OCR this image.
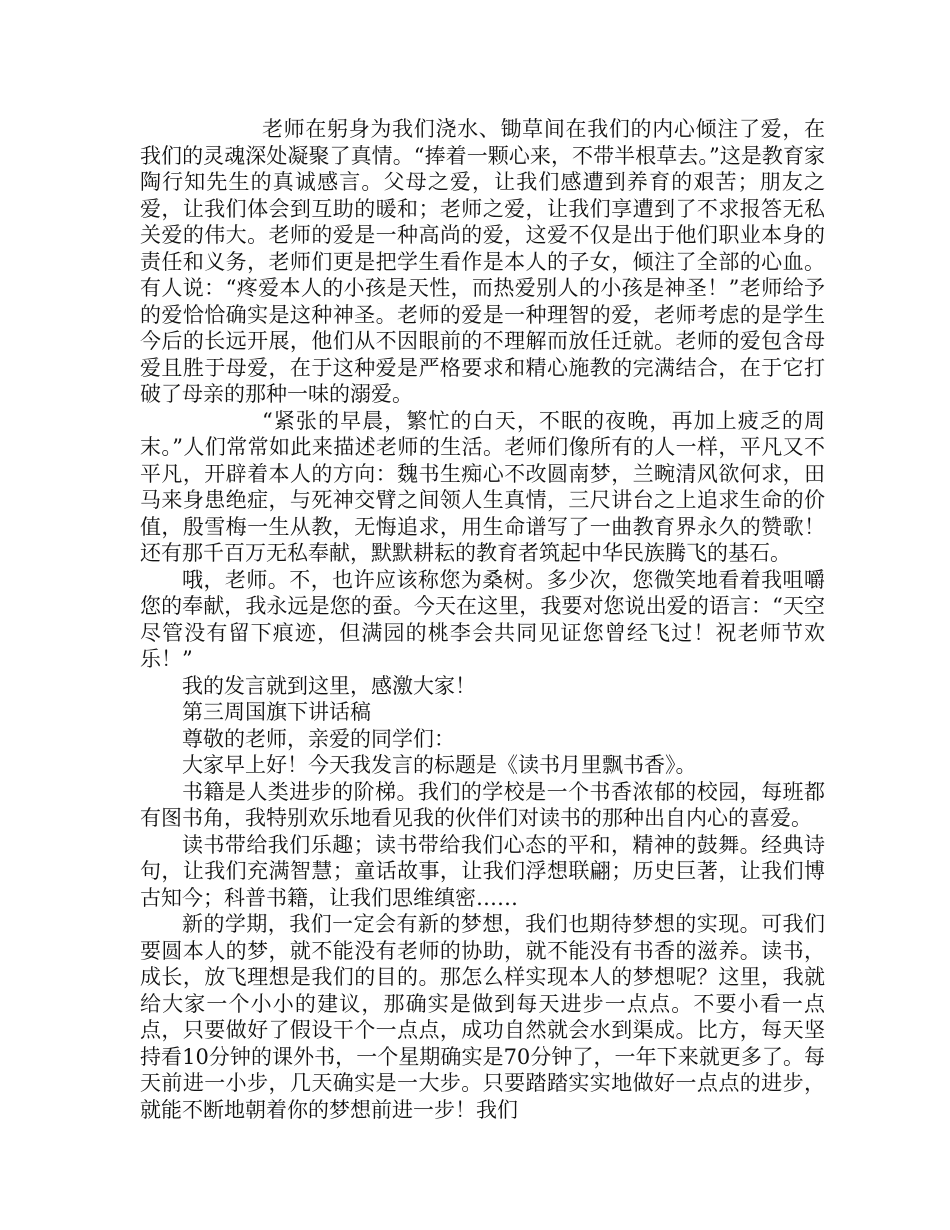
老师在躬身为我们浇水、锄草间在我们的内心倾注了爱，在我们的灵魂深处凝聚了真情。“捧着一颗心来，不带半根草去。”这是教育家陶行知先生的真诚感言。父母之爱，让我们感遭到养育的艰苦；朋友之爱，让我们体会到互助的暖和；老师之爱，让我们享遭到了不求报答无私关爱的伟大。老师的爱是一种高尚的爱，这爱不仅是出于他们职业本身的责任和义务，老师们更是把学生看作是本人的子女，倾注了全部的心血。有人说：“疼爱本人的小孩是天性，而热爱别人的小孩是神圣！”老师给予的爱恰恰确实是这种神圣。老师的爱是一种理智的爱，老师考虑的是学生今后的长远开展，他们从不因眼前的不理解而放任迁就。老师的爱包含母爱且胜于母爱，在于这种爱是严格要求和精心施教的完满结合，在于它打破了母亲的那种一味的溺爱。

“紧张的早晨，繁忙的白天，不眠的夜晚，再加上疲乏的周末。”人们常常如此来描述老师的生活。老师们像所有的人一样，平凡又不平凡，开辟着本人的方向：魏书生痴心不改圆南梦，兰畹清风欲何求，田马来身患绝症，与死神交臂之间领人生真情，三尺讲台之上追求生命的价值，殷雪梅一生从教，无悔追求，用生命谱写了一曲教育界永久的赞歌！还有那千百万无私奉献，默默耕耘的教育者筑起中华民族腾飞的基石。

哦，老师。不，也许应该称您为桑树。多少次，您微笑地看着我咀嚼您的奉献，我永远是您的蚕。今天在这里，我要对您说出爱的语言：“天空尽管没有留下痕迹，但满园的桃李会共同见证您曾经飞过！祝老师节欢乐！”

我的发言就到这里，感激大家！

第三周国旗下讲话稿

尊敬的老师，亲爱的同学们：

大家早上好！今天我发言的标题是《读书月里飘书香》。

书籍是人类进步的阶梯。我们的学校是一个书香浓郁的校园，每班都有图书角，我特别欢乐地看见我的伙伴们对读书的那种出自内心的喜爱。

读书带给我们乐趣；读书带给我们心态的平和，精神的鼓舞。经典诗句，让我们充满智慧；童话故事，让我们浮想联翩；历史巨著，让我们博古知今；科普书籍，让我们思维缜密……

新的学期，我们一定会有新的梦想，我们也期待梦想的实现。可我们要圆本人的梦，就不能没有老师的协助，就不能没有书香的滋养。读书，成长，放飞理想是我们的目的。那怎么样实现本人的梦想呢？这里，我就给大家一个小小的建议，那确实是做到每天进步一点点。不要小看一点点，只要做好了假设干个一点点，成功自然就会水到渠成。比方，每天坚持看10分钟的课外书，一个星期确实是70分钟了，一年下来就更多了。每天前进一小步，几天确实是一大步。只要踏踏实实地做好一点点的进步，就能不断地朝着你的梦想前进一步！我们
